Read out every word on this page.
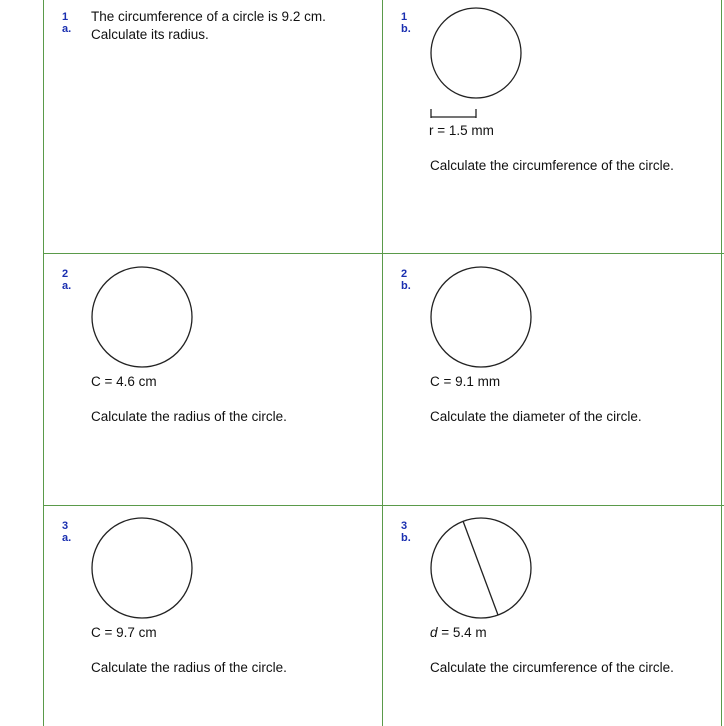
1 a.
The circumference of a circle is 9.2 cm.
Calculate its radius.
1 b.
r = 1.5 mm
Calculate the circumference of the circle.
2 a.
C = 4.6 cm
Calculate the radius of the circle.
2 b.
C = 9.1 mm
Calculate the diameter of the circle.
3 a.
C = 9.7 cm
Calculate the radius of the circle.
3 b.
d = 5.4 m
Calculate the circumference of the circle.
